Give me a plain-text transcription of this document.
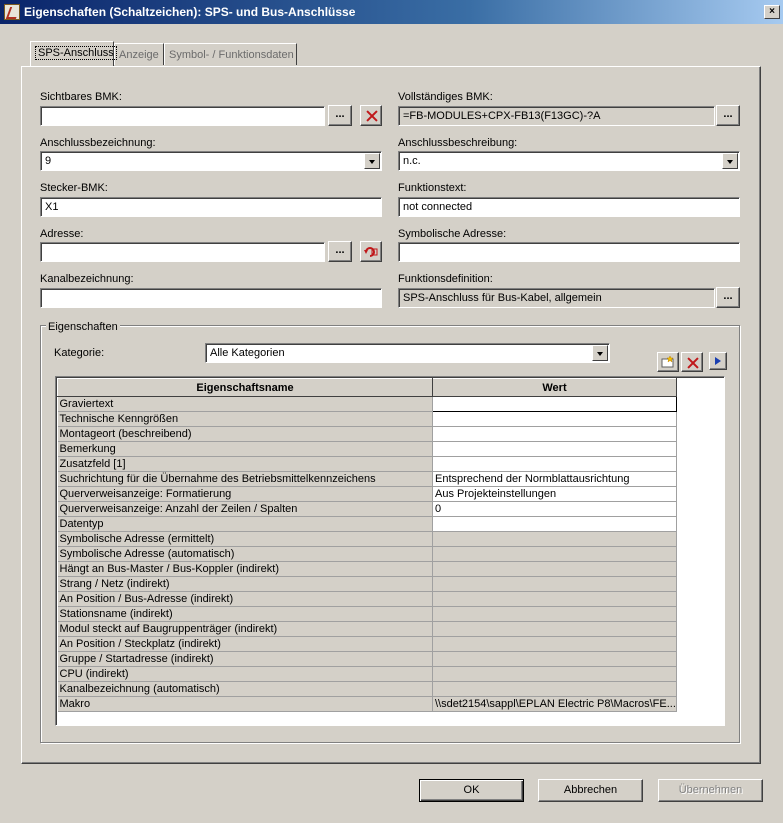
Eigenschaften (Schaltzeichen): SPS- und Bus-Anschlüsse	×
SPS-Anschluss Anzeige Symbol- / Funktionsdaten
Sichtbares BMK:
...
Anschlussbezeichnung:
9
Stecker-BMK:
X1
Adresse:
...
Kanalbezeichnung:
Vollständiges BMK:
=FB-MODULES+CPX-FB13(F13GC)-?A	...
Anschlussbeschreibung:
n.c.
Funktionstext:
not connected
Symbolische Adresse:
Funktionsdefinition:
SPS-Anschluss für Bus-Kabel, allgemein	...
Eigenschaften
Kategorie:	Alle Kategorien
Eigenschaftsname	Wert
Graviertext	
Technische Kenngrößen	
Montageort (beschreibend)	
Bemerkung	
Zusatzfeld [1]	
Suchrichtung für die Übernahme des Betriebsmittelkennzeichens	Entsprechend der Normblattausrichtung
Querverweisanzeige: Formatierung	Aus Projekteinstellungen
Querverweisanzeige: Anzahl der Zeilen / Spalten	0
Datentyp	
Symbolische Adresse (ermittelt)	
Symbolische Adresse (automatisch)	
Hängt an Bus-Master / Bus-Koppler (indirekt)	
Strang / Netz (indirekt)	
An Position / Bus-Adresse (indirekt)	
Stationsname (indirekt)	
Modul steckt auf Baugruppenträger (indirekt)	
An Position / Steckplatz (indirekt)	
Gruppe / Startadresse (indirekt)	
CPU (indirekt)	
Kanalbezeichnung (automatisch)	
Makro	\\sdet2154\sappl\EPLAN Electric P8\Macros\FE...
OK	Abbrechen	Übernehmen
